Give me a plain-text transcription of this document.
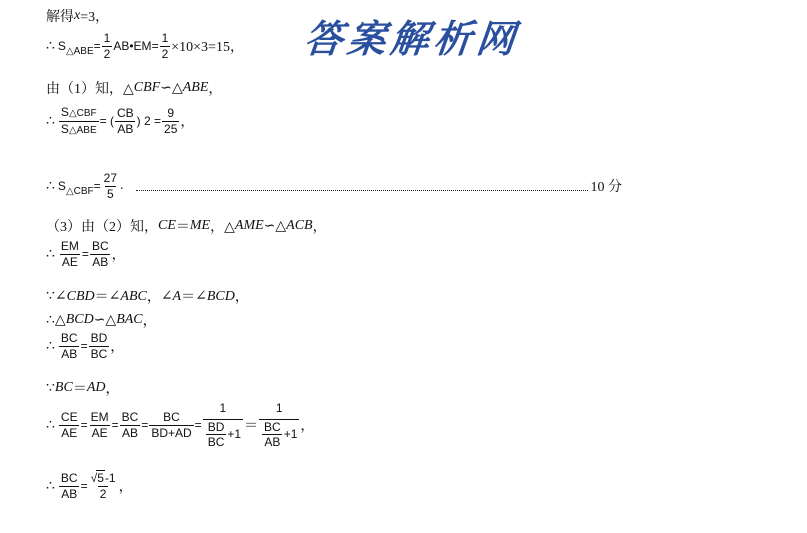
答案解析网
解得 x =3，
∴ S △ABE = $\frac{1}{2}$ AB•EM = $\frac{1}{2} \times 10\times 3=15$，
由（1）知，△ CBF ∽△ ABE ，
∴ $\frac{\text{S△CBF}}{\text{S△ABE}}$ = ( $\frac{CB}{AB}$ ) $2 = \frac{9}{25}$ ，
∴ S △CBF = $\frac{27}{5}$ .	10 分
（3）由（2）知， CE ＝ ME ，△ AME ∽△ ACB ，
∴ $\frac{EM}{AE} = \frac{BC}{AB}$ ，
∵ ∠CBD ＝ ∠ABC ， ∠A ＝ ∠BCD ，
∴△ BCD ∽△ BAC ，
∴ $\frac{BC}{AB} = \frac{BD}{BC}$ ，
∵ BC ＝ AD ，
∴ $\frac{CE}{AE} = \frac{EM}{AE} = \frac{BC}{AB} = \frac{BC}{BD+AD} = \frac{1}{\frac{BD}{BC} +1} = \frac{1}{\frac{BC}{AB} +1}$ ，
∴ $\frac{BC}{AB} = \frac{√5-1}{2}$ ，
